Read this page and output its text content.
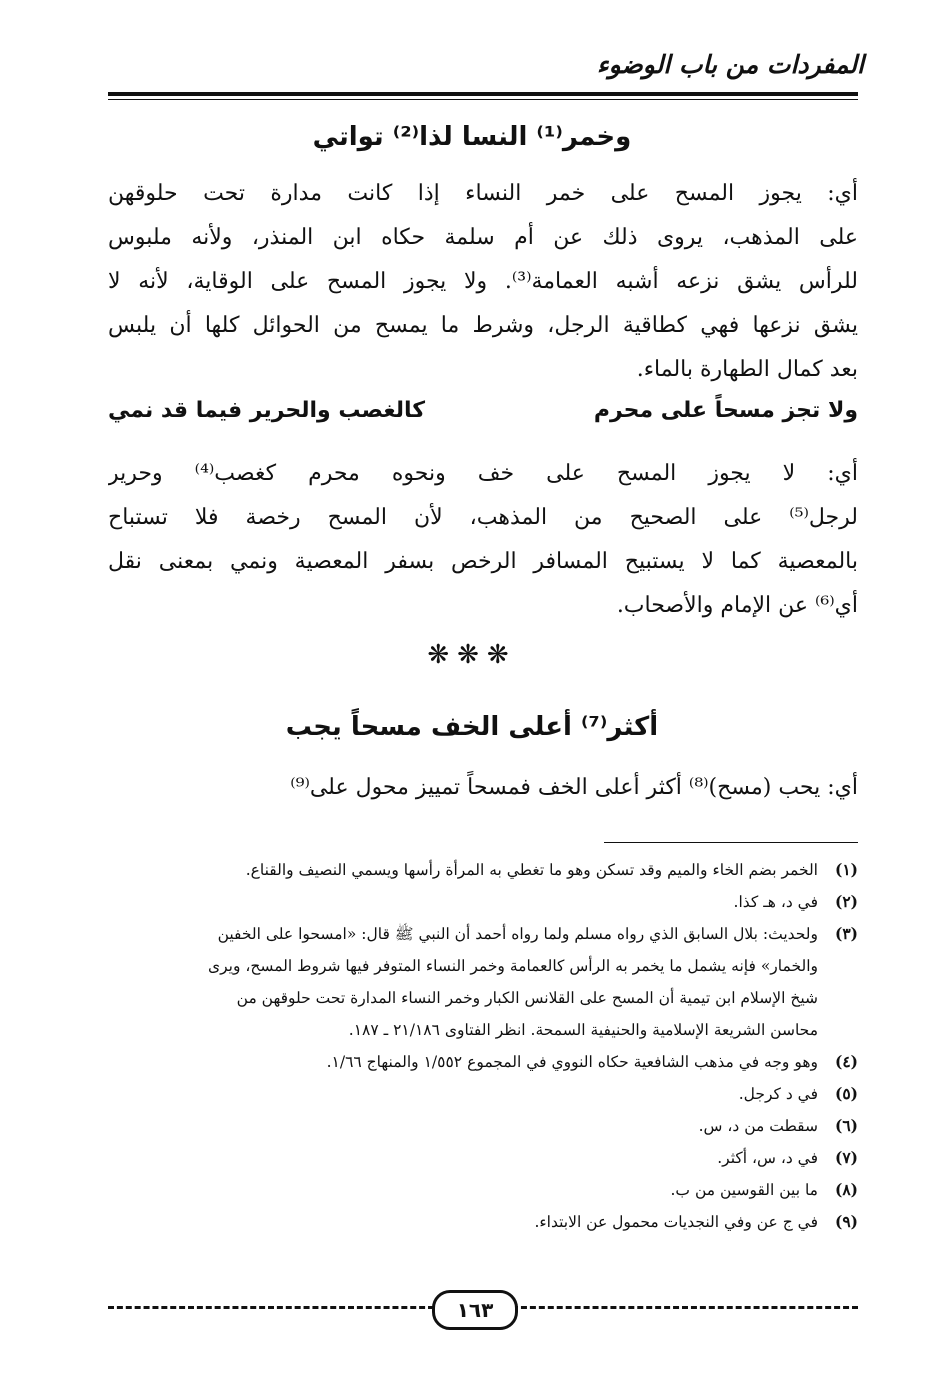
المفردات من باب الوضوء
وخمر⁽¹⁾ النسا لذا⁽²⁾ تواتي
أي: يجوز المسح على خمر النساء إذا كانت مدارة تحت حلوقهن
على المذهب، يروى ذلك عن أم سلمة حكاه ابن المنذر، ولأنه ملبوس
للرأس يشق نزعه أشبه العمامة⁽³⁾. ولا يجوز المسح على الوقاية، لأنه لا
يشق نزعها فهي كطاقية الرجل، وشرط ما يمسح من الحوائل كلها أن يلبس
بعد كمال الطهارة بالماء.
ولا تجز مسحاً على محرم
كالغصب والحرير فيما قد نمي
أي: لا يجوز المسح على خف ونحوه محرم كغصب⁽⁴⁾ وحرير
لرجل⁽⁵⁾ على الصحيح من المذهب، لأن المسح رخصة فلا تستباح
بالمعصية كما لا يستبيح المسافر الرخص بسفر المعصية ونمي بمعنى نقل
أي⁽⁶⁾ عن الإمام والأصحاب.
❋❋❋
أكثر⁽⁷⁾ أعلى الخف مسحاً يجب
أي: يحب (مسح)⁽⁸⁾ أكثر أعلى الخف فمسحاً تمييز محول على⁽⁹⁾
(١)
الخمر بضم الخاء والميم وقد تسكن وهو ما تغطي به المرأة رأسها ويسمي النصيف والقناع.
(٢)
في د، هـ كذا.
(٣)
ولحديث: بلال السابق الذي رواه مسلم ولما رواه أحمد أن النبي ﷺ قال: «امسحوا على الخفين
والخمار» فإنه يشمل ما يخمر به الرأس كالعمامة وخمر النساء المتوفر فيها شروط المسح، ويرى
شيخ الإسلام ابن تيمية أن المسح على القلانس الكبار وخمر النساء المدارة تحت حلوقهن من
محاسن الشريعة الإسلامية والحنيفية السمحة. انظر الفتاوى ٢١/١٨٦ ـ ١٨٧.
(٤)
وهو وجه في مذهب الشافعية حكاه النووي في المجموع ١/٥٥٢ والمنهاج ١/٦٦.
(٥)
في د كرجل.
(٦)
سقطت من د، س.
(٧)
في د، س، أكثر.
(٨)
ما بين القوسين من ب.
(٩)
في ج عن وفي النجديات محمول عن الابتداء.
١٦٣
